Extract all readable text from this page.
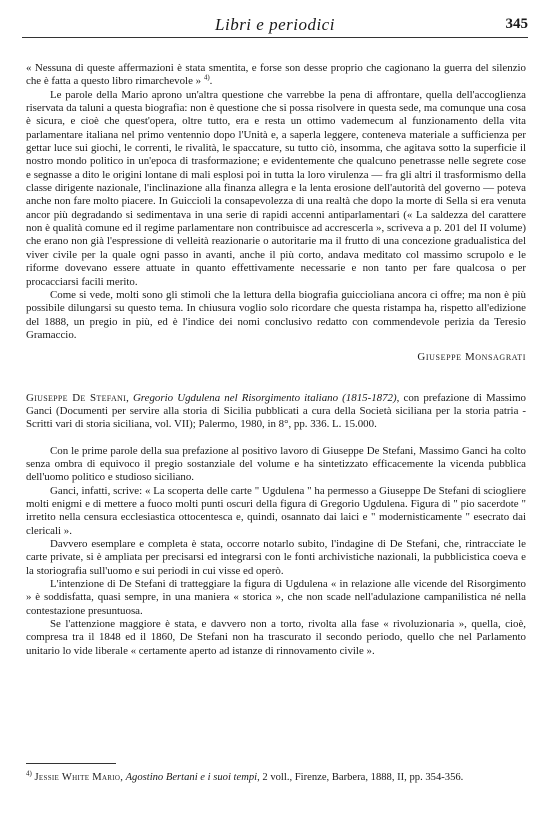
Libri e periodici	345

« Nessuna di queste affermazioni è stata smentita, e forse son desse proprio che cagionano la guerra del silenzio che è fatta a questo libro rimarchevole » $^{4)}$.

Le parole della Mario aprono un'altra questione che varrebbe la pena di affrontare, quella dell'accoglienza riservata da taluni a questa biografia: non è questione che si possa risolvere in questa sede, ma comunque una cosa è sicura, e cioè che quest'opera, oltre tutto, era e resta un ottimo vademecum al funzionamento della vita parlamentare italiana nel primo ventennio dopo l'Unità e, a saperla leggere, conteneva materiale a sufficienza per gettar luce sui giochi, le correnti, le rivalità, le spaccature, su tutto ciò, insomma, che agitava sotto la superficie il nostro mondo politico in un'epoca di trasformazione; e evidentemente che qualcuno penetrasse nelle segrete cose e segnasse a dito le origini lontane di mali esplosi poi in tutta la loro virulenza — fra gli altri il trasformismo della classe dirigente nazionale, l'inclinazione alla finanza allegra e la lenta erosione dell'autorità del governo — poteva anche non fare molto piacere. In Guiccioli la consapevolezza di una realtà che dopo la morte di Sella si era venuta ancor più degradando si sedimentava in una serie di rapidi accenni antiparlamentari (« La saldezza del carattere non è qualità comune ed il regime parlamentare non contribuisce ad accrescerla », scriveva a p. 201 del II volume) che erano non già l'espressione di velleità reazionarie o autoritarie ma il frutto di una concezione gradualistica del viver civile per la quale ogni passo in avanti, anche il più corto, andava meditato col massimo scrupolo e le riforme dovevano essere attuate in quanto effettivamente necessarie e non tanto per fare qualcosa o per procacciarsi facili merito.

Come si vede, molti sono gli stimoli che la lettura della biografia guiccioliana ancora ci offre; ma non è più possibile dilungarsi su questo tema. In chiusura voglio solo ricordare che questa ristampa ha, rispetto all'edizione del 1888, un pregio in più, ed è l'indice dei nomi conclusivo redatto con commendevole perizia da Teresio Gramaccio.

Giuseppe Monsagrati

Giuseppe De Stefani, Gregorio Ugdulena nel Risorgimento italiano (1815-1872), con prefazione di Massimo Ganci (Documenti per servire alla storia di Sicilia pubblicati a cura della Società siciliana per la storia patria - Scritti vari di storia siciliana, vol. VII); Palermo, 1980, in 8°, pp. 336. L. 15.000.

Con le prime parole della sua prefazione al positivo lavoro di Giuseppe De Stefani, Massimo Ganci ha colto senza ombra di equivoco il pregio sostanziale del volume e ha sintetizzato efficacemente la vicenda pubblica dell'uomo politico e studioso siciliano.

Ganci, infatti, scrive: « La scoperta delle carte " Ugdulena " ha permesso a Giuseppe De Stefani di sciogliere molti enigmi e di mettere a fuoco molti punti oscuri della figura di Gregorio Ugdulena. Figura di " pio sacerdote " irretito nella censura ecclesiastica ottocentesca e, quindi, osannato dai laici e " modernisticamente " esecrato dai clericali ».

Davvero esemplare e completa è stata, occorre notarlo subito, l'indagine di De Stefani, che, rintracciate le carte private, si è ampliata per precisarsi ed integrarsi con le fonti archivistiche nazionali, la pubblicistica coeva e la storiografia sull'uomo e sui periodi in cui visse ed operò.

L'intenzione di De Stefani di tratteggiare la figura di Ugdulena « in relazione alle vicende del Risorgimento » è soddisfatta, quasi sempre, in una maniera « storica », che non scade nell'adulazione campanilistica né nella contestazione presuntuosa.

Se l'attenzione maggiore è stata, e davvero non a torto, rivolta alla fase « rivoluzionaria », quella, cioè, compresa tra il 1848 ed il 1860, De Stefani non ha trascurato il secondo periodo, quello che nel Parlamento unitario lo vide liberale « certamente aperto ad istanze di rinnovamento civile ».

$^{4)}$ Jessie White Mario, Agostino Bertani e i suoi tempi, 2 voll., Firenze, Barbera, 1888, II, pp. 354-356.
